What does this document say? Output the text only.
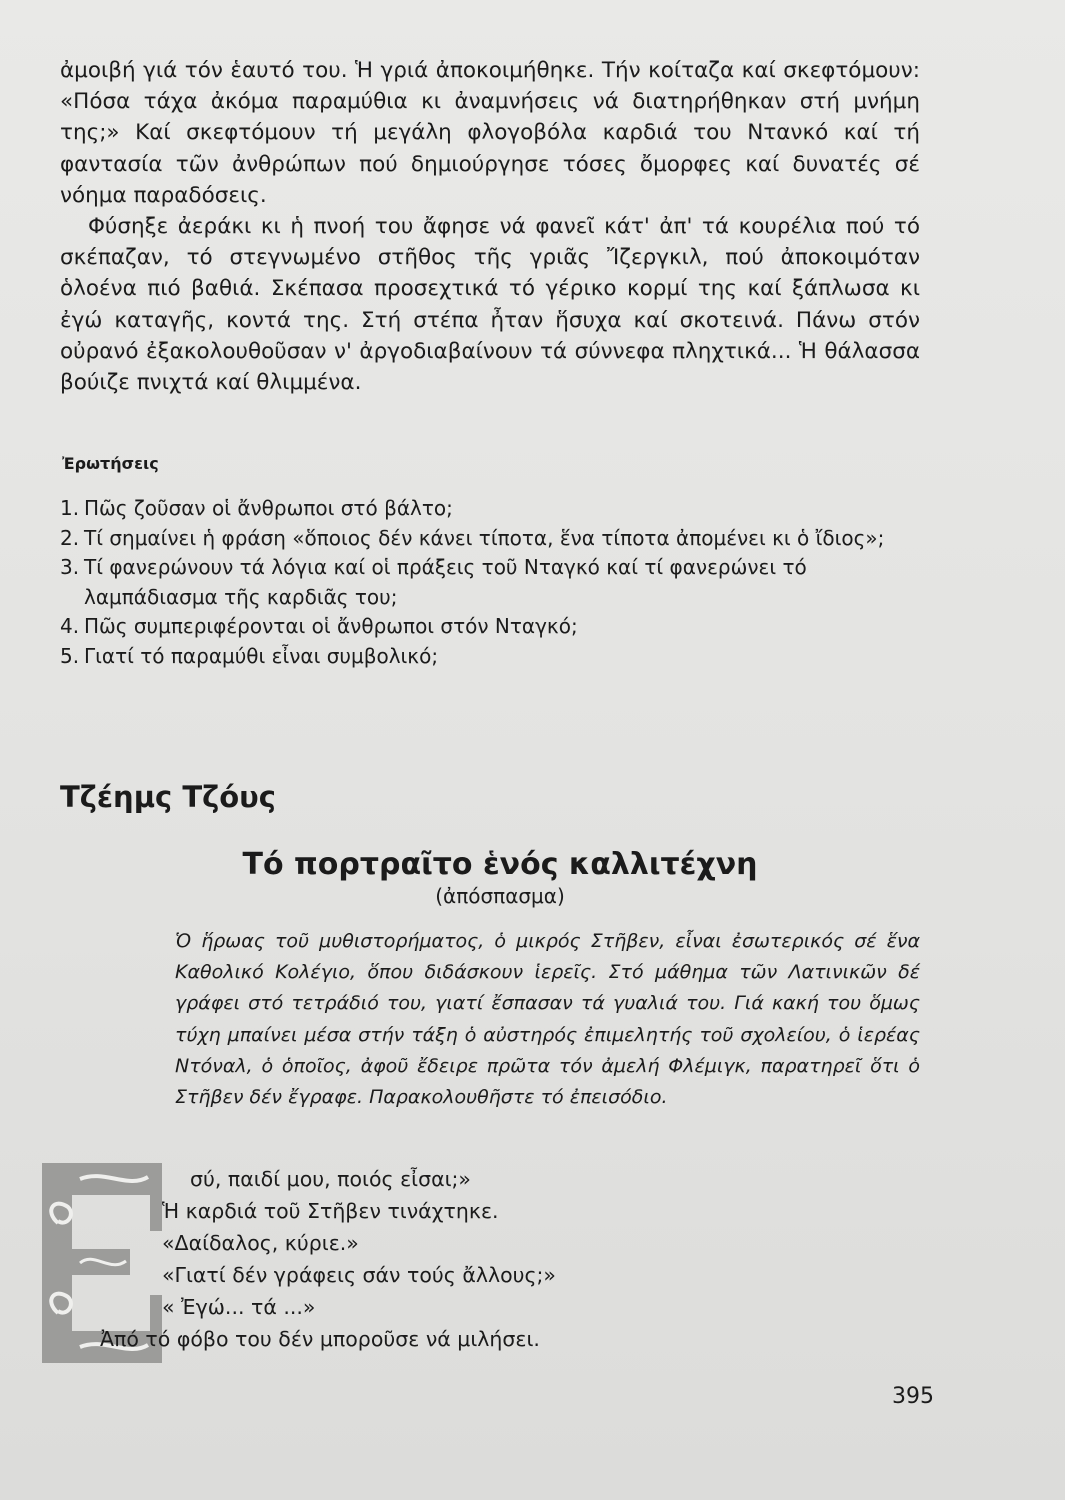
ἀμοιβή γιά τόν ἑαυτό του. Ἡ γριά ἀποκοιμήθηκε. Τήν κοίταζα καί σκεφτόμουν: «Πόσα τάχα ἀκόμα παραμύθια κι ἀναμνήσεις νά διατηρήθηκαν στή μνήμη της;» Καί σκεφτόμουν τή μεγάλη φλογοβόλα καρδιά του Ντανκό καί τή φαντασία τῶν ἀνθρώπων πού δημιούργησε τόσες ὄμορφες καί δυνατές σέ νόημα παραδόσεις.

Φύσηξε ἀεράκι κι ἡ πνοή του ἄφησε νά φανεῖ κάτ' ἀπ' τά κουρέλια πού τό σκέπαζαν, τό στεγνωμένο στῆθος τῆς γριᾶς Ἴζεργκιλ, πού ἀποκοιμόταν ὁλοένα πιό βαθιά. Σκέπασα προσεχτικά τό γέρικο κορμί της καί ξάπλωσα κι ἐγώ καταγῆς, κοντά της. Στή στέπα ἦταν ἥσυχα καί σκοτεινά. Πάνω στόν οὐρανό ἐξακολουθοῦσαν ν' ἀργοδιαβαίνουν τά σύννεφα πληχτικά... Ἡ θάλασσα βούιζε πνιχτά καί θλιμμένα.

Ἐρωτήσεις
1. Πῶς ζοῦσαν οἱ ἄνθρωποι στό βάλτο;
2. Τί σημαίνει ἡ φράση «ὅποιος δέν κάνει τίποτα, ἕνα τίποτα ἀπομένει κι ὁ ἴδιος»;
3. Τί φανερώνουν τά λόγια καί οἱ πράξεις τοῦ Νταγκό καί τί φανερώνει τό λαμπάδιασμα τῆς καρδιᾶς του;
4. Πῶς συμπεριφέρονται οἱ ἄνθρωποι στόν Νταγκό;
5. Γιατί τό παραμύθι εἶναι συμβολικό;
Τζέημς Τζόυς
Τό πορτραῖτο ἑνός καλλιτέχνη
(ἀπόσπασμα)
Ὁ ἥρωας τοῦ μυθιστορήματος, ὁ μικρός Στῆβεν, εἶναι ἐσωτερικός σέ ἕνα Καθολικό Κολέγιο, ὅπου διδάσκουν ἱερεῖς. Στό μάθημα τῶν Λατινικῶν δέ γράφει στό τετράδιό του, γιατί ἔσπασαν τά γυαλιά του. Γιά κακή του ὅμως τύχη μπαίνει μέσα στήν τάξη ὁ αὐστηρός ἐπιμελητής τοῦ σχολείου, ὁ ἱερέας Ντόναλ, ὁ ὁποῖος, ἀφοῦ ἔδειρε πρῶτα τόν ἀμελή Φλέμιγκ, παρατηρεῖ ὅτι ὁ Στῆβεν δέν ἔγραφε. Παρακολουθῆστε τό ἐπεισόδιο.

σύ, παιδί μου, ποιός εἶσαι;»

Ἡ καρδιά τοῦ Στῆβεν τινάχτηκε.

«Δαίδαλος, κύριε.»

«Γιατί δέν γράφεις σάν τούς ἄλλους;»

« Ἐγώ... τά ...»

Ἀπό τό φόβο του δέν μποροῦσε νά μιλήσει.

395
